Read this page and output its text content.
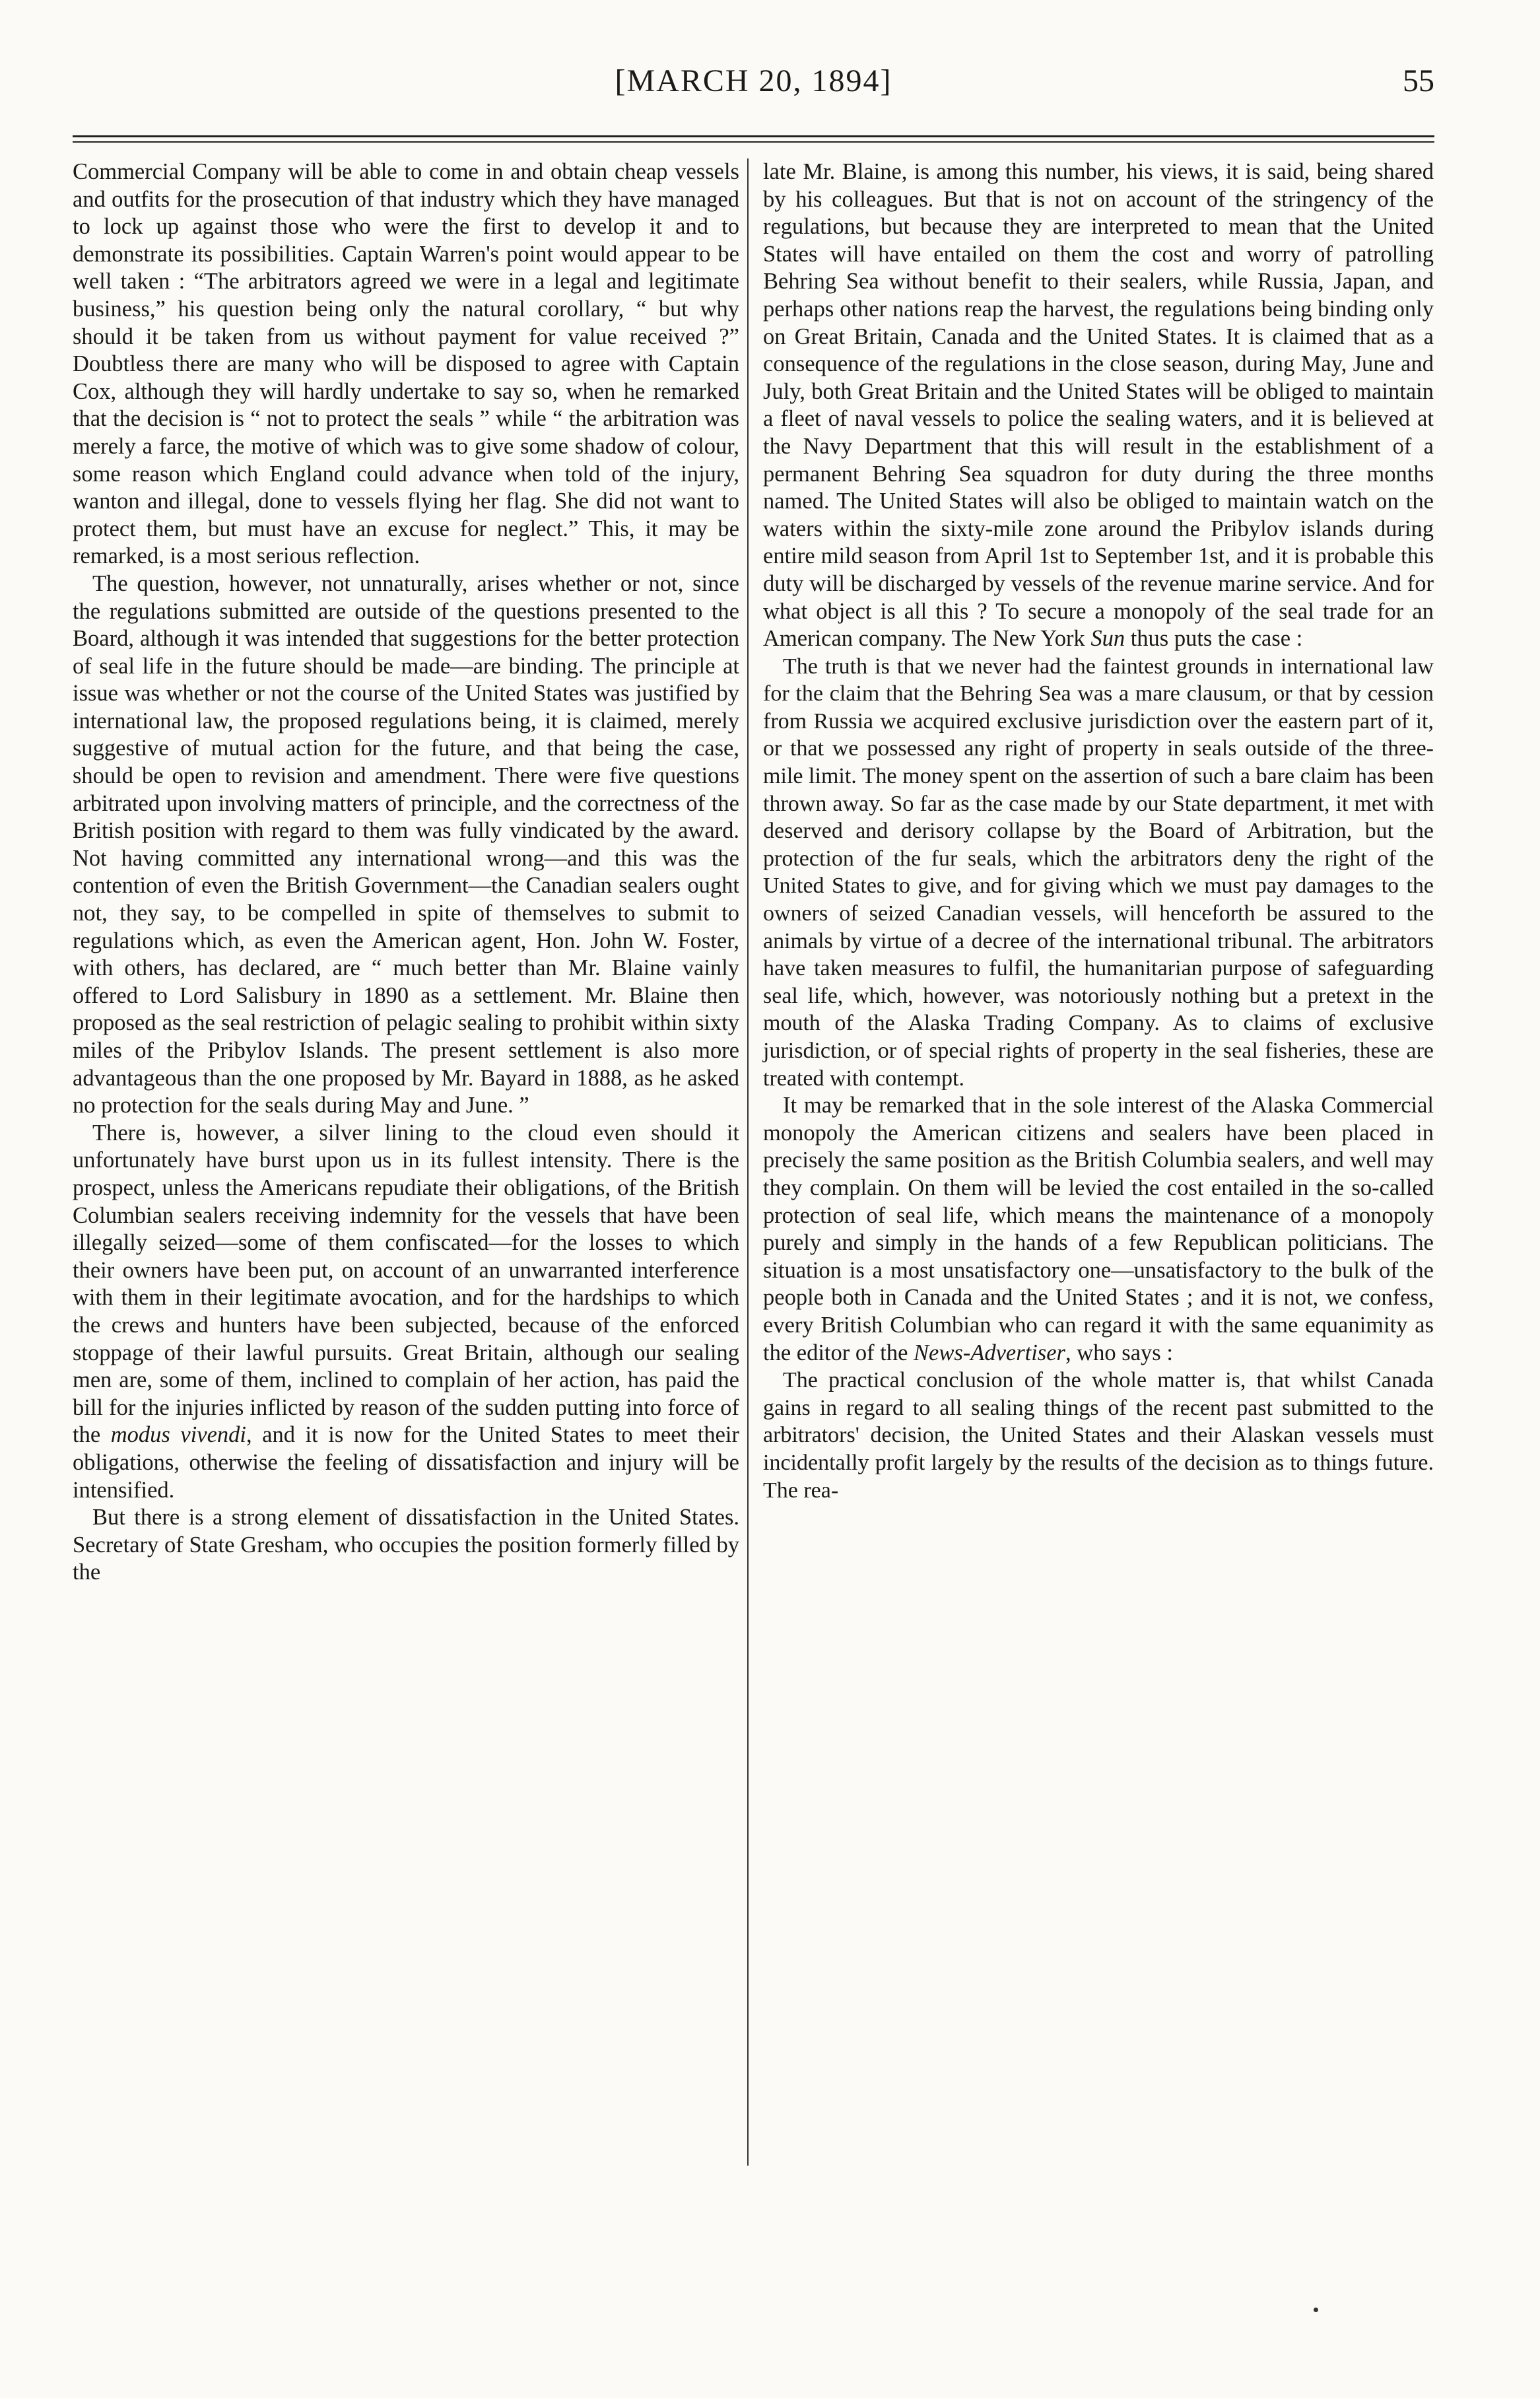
[MARCH 20, 1894]	55

Commercial Company will be able to come in and obtain cheap vessels and outfits for the prosecution of that industry which they have managed to lock up against those who were the first to develop it and to demonstrate its possibilities. Captain Warren's point would appear to be well taken : “The arbitrators agreed we were in a legal and legitimate business,” his question being only the natural corollary, “ but why should it be taken from us without payment for value received ?” Doubtless there are many who will be disposed to agree with Captain Cox, although they will hardly undertake to say so, when he remarked that the decision is “ not to protect the seals ” while “ the arbitration was merely a farce, the motive of which was to give some shadow of colour, some reason which England could advance when told of the injury, wanton and illegal, done to vessels flying her flag. She did not want to protect them, but must have an excuse for neglect.” This, it may be remarked, is a most serious reflection.

The question, however, not unnaturally, arises whether or not, since the regulations submitted are outside of the questions presented to the Board, although it was intended that suggestions for the better protection of seal life in the future should be made—are binding. The principle at issue was whether or not the course of the United States was justified by international law, the proposed regulations being, it is claimed, merely suggestive of mutual action for the future, and that being the case, should be open to revision and amendment. There were five questions arbitrated upon involving matters of principle, and the correctness of the British position with regard to them was fully vindicated by the award. Not having committed any international wrong—and this was the contention of even the British Government—the Canadian sealers ought not, they say, to be compelled in spite of themselves to submit to regulations which, as even the American agent, Hon. John W. Foster, with others, has declared, are “ much better than Mr. Blaine vainly offered to Lord Salisbury in 1890 as a settlement. Mr. Blaine then proposed as the seal restriction of pelagic sealing to prohibit within sixty miles of the Pribylov Islands. The present settlement is also more advantageous than the one proposed by Mr. Bayard in 1888, as he asked no protection for the seals during May and June. ”

There is, however, a silver lining to the cloud even should it unfortunately have burst upon us in its fullest intensity. There is the prospect, unless the Americans repudiate their obligations, of the British Columbian sealers receiving indemnity for the vessels that have been illegally seized—some of them confiscated—for the losses to which their owners have been put, on account of an unwarranted interference with them in their legitimate avocation, and for the hardships to which the crews and hunters have been subjected, because of the enforced stoppage of their lawful pursuits. Great Britain, although our sealing men are, some of them, inclined to complain of her action, has paid the bill for the injuries inflicted by reason of the sudden putting into force of the modus vivendi, and it is now for the United States to meet their obligations, otherwise the feeling of dissatisfaction and injury will be intensified.

But there is a strong element of dissatisfaction in the United States. Secretary of State Gresham, who occupies the position formerly filled by the

late Mr. Blaine, is among this number, his views, it is said, being shared by his colleagues. But that is not on account of the stringency of the regulations, but because they are interpreted to mean that the United States will have entailed on them the cost and worry of patrolling Behring Sea without benefit to their sealers, while Russia, Japan, and perhaps other nations reap the harvest, the regulations being binding only on Great Britain, Canada and the United States. It is claimed that as a consequence of the regulations in the close season, during May, June and July, both Great Britain and the United States will be obliged to maintain a fleet of naval vessels to police the sealing waters, and it is believed at the Navy Department that this will result in the establishment of a permanent Behring Sea squadron for duty during the three months named. The United States will also be obliged to maintain watch on the waters within the sixty-mile zone around the Pribylov islands during entire mild season from April 1st to September 1st, and it is probable this duty will be discharged by vessels of the revenue marine service. And for what object is all this ? To secure a monopoly of the seal trade for an American company. The New York Sun thus puts the case :

The truth is that we never had the faintest grounds in international law for the claim that the Behring Sea was a mare clausum, or that by cession from Russia we acquired exclusive jurisdiction over the eastern part of it, or that we possessed any right of property in seals outside of the three-mile limit. The money spent on the assertion of such a bare claim has been thrown away. So far as the case made by our State department, it met with deserved and derisory collapse by the Board of Arbitration, but the protection of the fur seals, which the arbitrators deny the right of the United States to give, and for giving which we must pay damages to the owners of seized Canadian vessels, will henceforth be assured to the animals by virtue of a decree of the international tribunal. The arbitrators have taken measures to fulfil, the humanitarian purpose of safeguarding seal life, which, however, was notoriously nothing but a pretext in the mouth of the Alaska Trading Company. As to claims of exclusive jurisdiction, or of special rights of property in the seal fisheries, these are treated with contempt.

It may be remarked that in the sole interest of the Alaska Commercial monopoly the American citizens and sealers have been placed in precisely the same position as the British Columbia sealers, and well may they complain. On them will be levied the cost entailed in the so-called protection of seal life, which means the maintenance of a monopoly purely and simply in the hands of a few Republican politicians. The situation is a most unsatisfactory one—unsatisfactory to the bulk of the people both in Canada and the United States ; and it is not, we confess, every British Columbian who can regard it with the same equanimity as the editor of the News-Advertiser, who says :

The practical conclusion of the whole matter is, that whilst Canada gains in regard to all sealing things of the recent past submitted to the arbitrators' decision, the United States and their Alaskan vessels must incidentally profit largely by the results of the decision as to things future. The rea-
